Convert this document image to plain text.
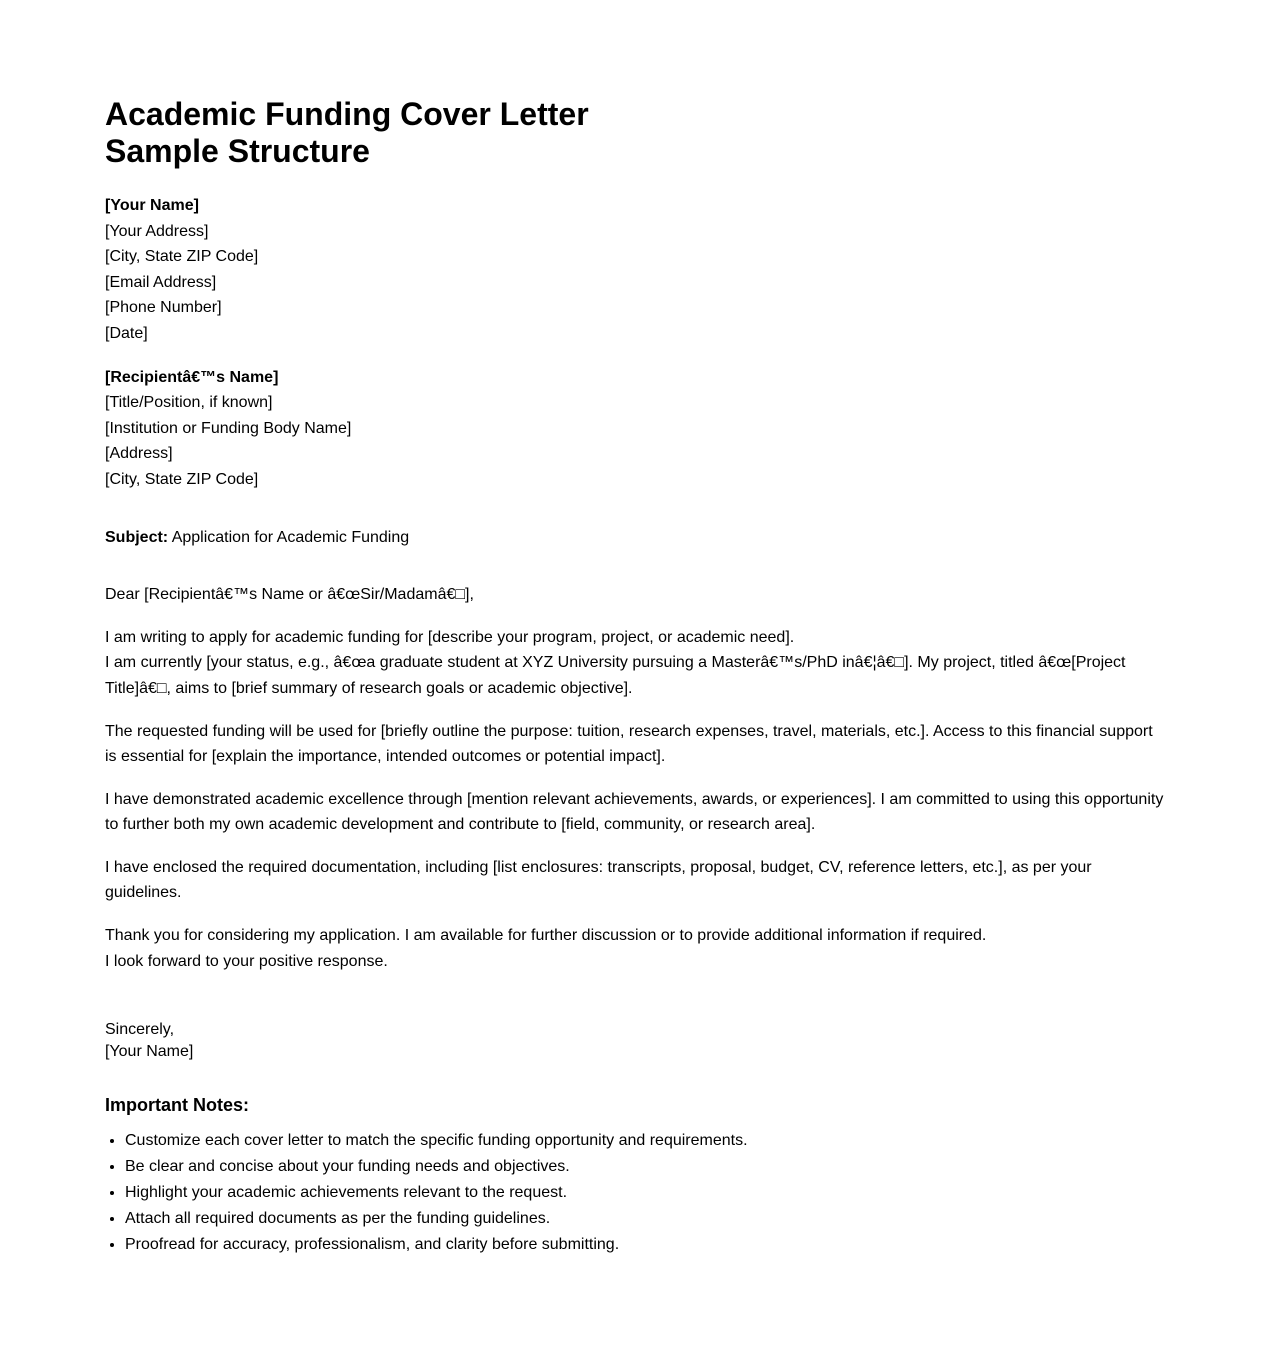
Academic Funding Cover Letter Sample Structure
[Your Name]
[Your Address]
[City, State ZIP Code]
[Email Address]
[Phone Number]
[Date]
[Recipientâ€™s Name]
[Title/Position, if known]
[Institution or Funding Body Name]
[Address]
[City, State ZIP Code]
Subject: Application for Academic Funding
Dear [Recipientâ€™s Name or â€œSir/Madamâ€□],
I am writing to apply for academic funding for [describe your program, project, or academic need].
I am currently [your status, e.g., â€œa graduate student at XYZ University pursuing a Masterâ€™s/PhD inâ€¦â€□]. My project, titled â€œ[Project Title]â€□, aims to [brief summary of research goals or academic objective].
The requested funding will be used for [briefly outline the purpose: tuition, research expenses, travel, materials, etc.]. Access to this financial support is essential for [explain the importance, intended outcomes or potential impact].
I have demonstrated academic excellence through [mention relevant achievements, awards, or experiences]. I am committed to using this opportunity to further both my own academic development and contribute to [field, community, or research area].
I have enclosed the required documentation, including [list enclosures: transcripts, proposal, budget, CV, reference letters, etc.], as per your guidelines.
Thank you for considering my application. I am available for further discussion or to provide additional information if required.
I look forward to your positive response.
Sincerely,
[Your Name]
Important Notes:
• Customize each cover letter to match the specific funding opportunity and requirements.
• Be clear and concise about your funding needs and objectives.
• Highlight your academic achievements relevant to the request.
• Attach all required documents as per the funding guidelines.
• Proofread for accuracy, professionalism, and clarity before submitting.
